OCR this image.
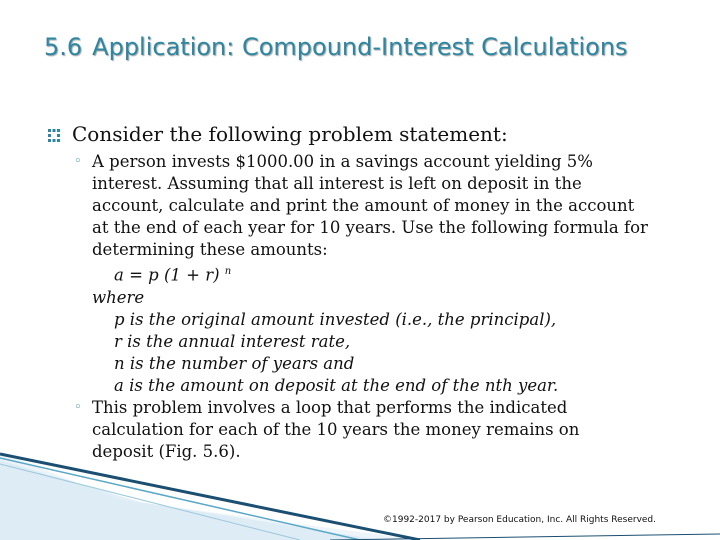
5.6 Application: Compound-Interest Calculations

Consider the following problem statement:

◦ A person invests $1000.00 in a savings account yielding 5%
interest. Assuming that all interest is left on deposit in the
account, calculate and print the amount of money in the account
at the end of each year for 10 years. Use the following formula for
determining these amounts:
a = p (1 + r) $^n$
where
p is the original amount invested (i.e., the principal),
r is the annual interest rate,
n is the number of years and
a is the amount on deposit at the end of the nth year.
◦ This problem involves a loop that performs the indicated
calculation for each of the 10 years the money remains on
deposit (Fig. 5.6).
©1992-2017 by Pearson Education, Inc. All Rights Reserved.
